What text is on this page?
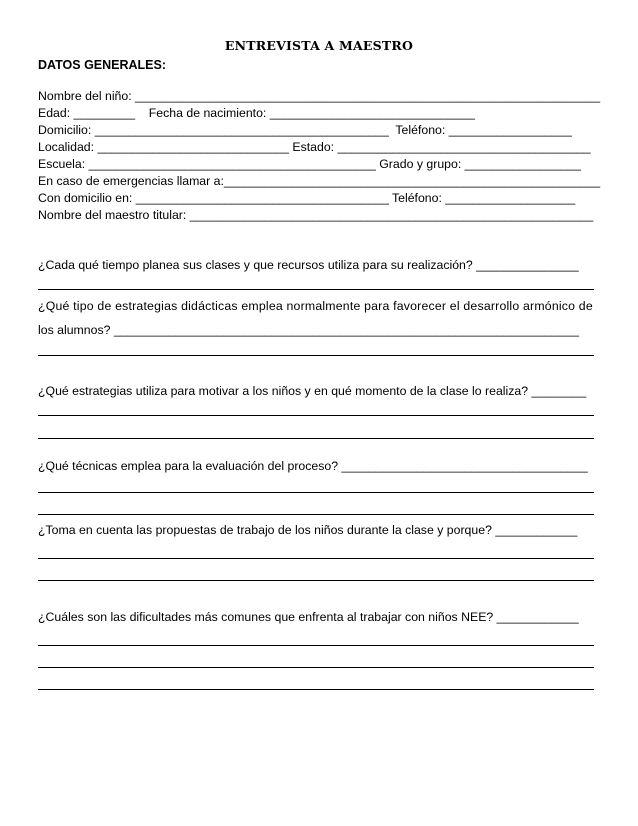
ENTREVISTA A MAESTRO
DATOS GENERALES:
Nombre del niño: ____________________________________________________________________
Edad: _________    Fecha de nacimiento: ______________________________
Domicilio: ___________________________________________  Teléfono: __________________
Localidad: ____________________________ Estado: _____________________________________
Escuela: __________________________________________ Grado y grupo: _________________
En caso de emergencias llamar a:_______________________________________________________
Con domicilio en: _____________________________________ Teléfono: ___________________
Nombre del maestro titular: ___________________________________________________________
¿Cada qué tiempo planea sus clases y que recursos utiliza para su realización? _______________
¿Qué tipo de estrategias didácticas emplea normalmente para favorecer el desarrollo armónico de
los alumnos? ____________________________________________________________________
¿Qué estrategias utiliza para motivar a los niños y en qué momento de la clase lo realiza? ________
¿Qué técnicas emplea para la evaluación del proceso? ____________________________________
¿Toma en cuenta las propuestas de trabajo de los niños durante la clase y porque? ____________
¿Cuáles son las dificultades más comunes que enfrenta al trabajar con niños NEE? ____________
